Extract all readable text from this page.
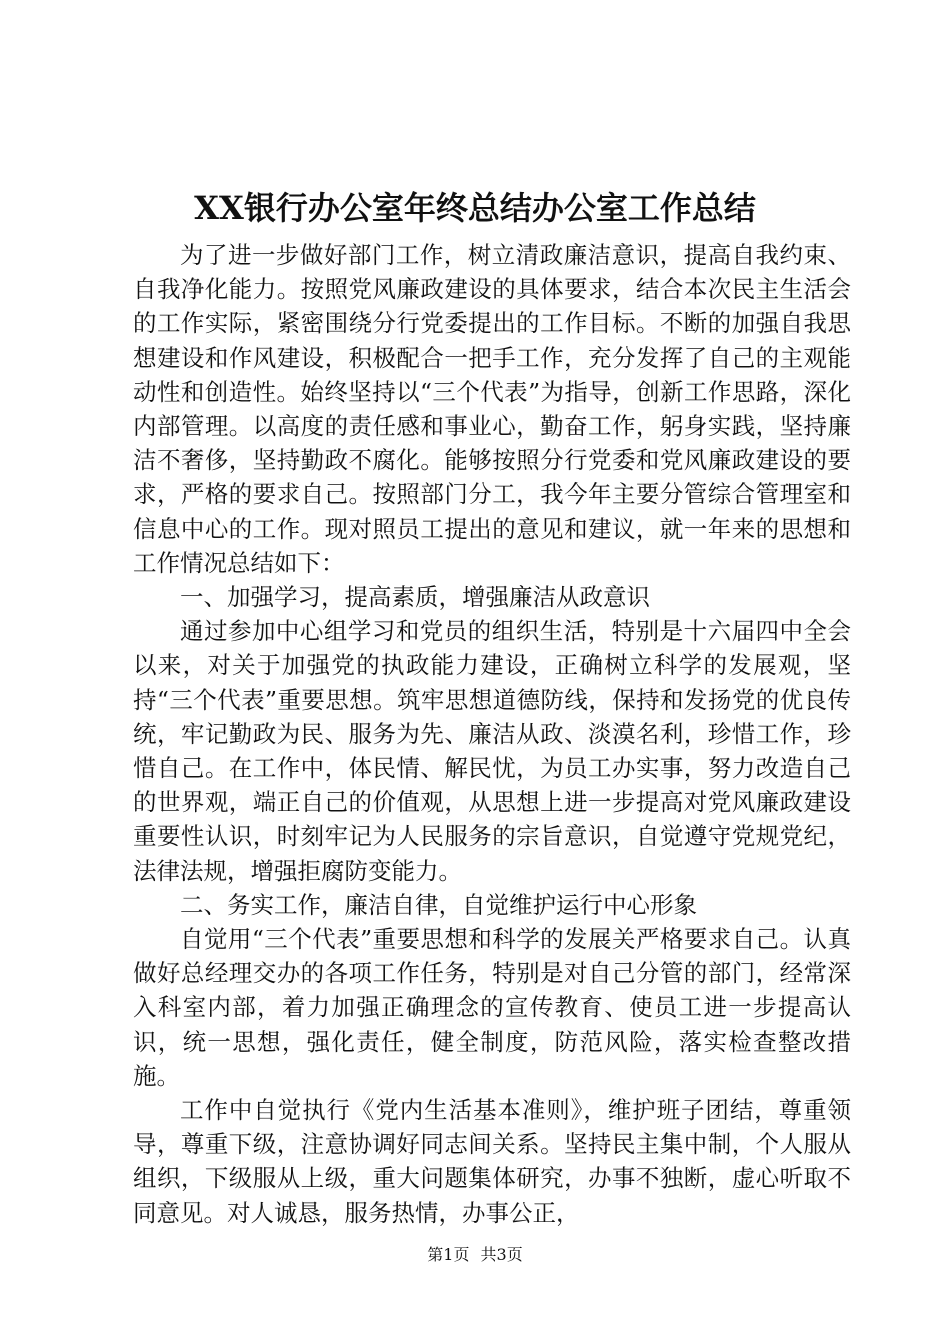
XX银行办公室年终总结办公室工作总结

为了进一步做好部门工作，树立清政廉洁意识，提高自我约束、自我净化能力。按照党风廉政建设的具体要求，结合本次民主生活会的工作实际，紧密围绕分行党委提出的工作目标。不断的加强自我思想建设和作风建设，积极配合一把手工作，充分发挥了自己的主观能动性和创造性。始终坚持以“三个代表”为指导，创新工作思路，深化内部管理。以高度的责任感和事业心，勤奋工作，躬身实践，坚持廉洁不奢侈，坚持勤政不腐化。能够按照分行党委和党风廉政建设的要求，严格的要求自己。按照部门分工，我今年主要分管综合管理室和信息中心的工作。现对照员工提出的意见和建议，就一年来的思想和工作情况总结如下：

一、加强学习，提高素质，增强廉洁从政意识

通过参加中心组学习和党员的组织生活，特别是十六届四中全会以来，对关于加强党的执政能力建设，正确树立科学的发展观，坚持“三个代表”重要思想。筑牢思想道德防线，保持和发扬党的优良传统，牢记勤政为民、服务为先、廉洁从政、淡漠名利，珍惜工作，珍惜自己。在工作中，体民情、解民忧，为员工办实事，努力改造自己的世界观，端正自己的价值观，从思想上进一步提高对党风廉政建设重要性认识，时刻牢记为人民服务的宗旨意识，自觉遵守党规党纪，法律法规，增强拒腐防变能力。

二、务实工作，廉洁自律，自觉维护运行中心形象

自觉用“三个代表”重要思想和科学的发展关严格要求自己。认真做好总经理交办的各项工作任务，特别是对自己分管的部门，经常深入科室内部，着力加强正确理念的宣传教育、使员工进一步提高认识，统一思想，强化责任，健全制度，防范风险，落实检查整改措施。

工作中自觉执行《党内生活基本准则》，维护班子团结，尊重领导，尊重下级，注意协调好同志间关系。坚持民主集中制，个人服从组织，下级服从上级，重大问题集体研究，办事不独断，虚心听取不同意见。对人诚恳，服务热情，办事公正，

第1页 共3页
